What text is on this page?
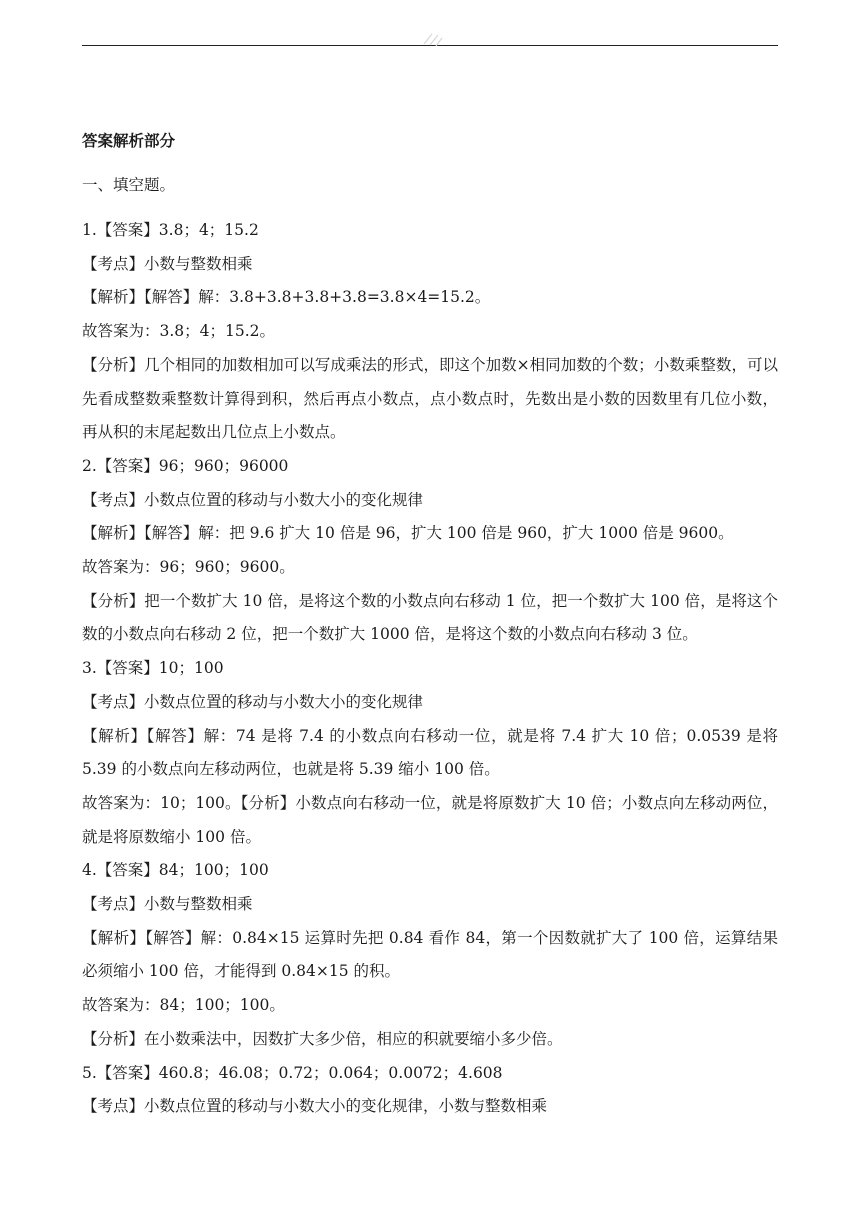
答案解析部分
一、填空题。
1.【答案】3.8；4；15.2
【考点】小数与整数相乘
【解析】【解答】解：3.8+3.8+3.8+3.8=3.8×4=15.2。
故答案为：3.8；4；15.2。
【分析】几个相同的加数相加可以写成乘法的形式，即这个加数×相同加数的个数；小数乘整数，可以先看成整数乘整数计算得到积，然后再点小数点，点小数点时，先数出是小数的因数里有几位小数，再从积的末尾起数出几位点上小数点。
2.【答案】96；960；96000
【考点】小数点位置的移动与小数大小的变化规律
【解析】【解答】解：把 9.6 扩大 10 倍是 96，扩大 100 倍是 960，扩大 1000 倍是 9600。
故答案为：96；960；9600。
【分析】把一个数扩大 10 倍，是将这个数的小数点向右移动 1 位，把一个数扩大 100 倍，是将这个数的小数点向右移动 2 位，把一个数扩大 1000 倍，是将这个数的小数点向右移动 3 位。
3.【答案】10；100
【考点】小数点位置的移动与小数大小的变化规律
【解析】【解答】解：74 是将 7.4 的小数点向右移动一位，就是将 7.4 扩大 10 倍；0.0539 是将 5.39 的小数点向左移动两位，也就是将 5.39 缩小 100 倍。
故答案为：10；100。【分析】小数点向右移动一位，就是将原数扩大 10 倍；小数点向左移动两位，就是将原数缩小 100 倍。
4.【答案】84；100；100
【考点】小数与整数相乘
【解析】【解答】解：0.84×15 运算时先把 0.84 看作 84，第一个因数就扩大了 100 倍，运算结果必须缩小 100 倍，才能得到 0.84×15 的积。
故答案为：84；100；100。
【分析】在小数乘法中，因数扩大多少倍，相应的积就要缩小多少倍。
5.【答案】460.8；46.08；0.72；0.064；0.0072；4.608
【考点】小数点位置的移动与小数大小的变化规律，小数与整数相乘
